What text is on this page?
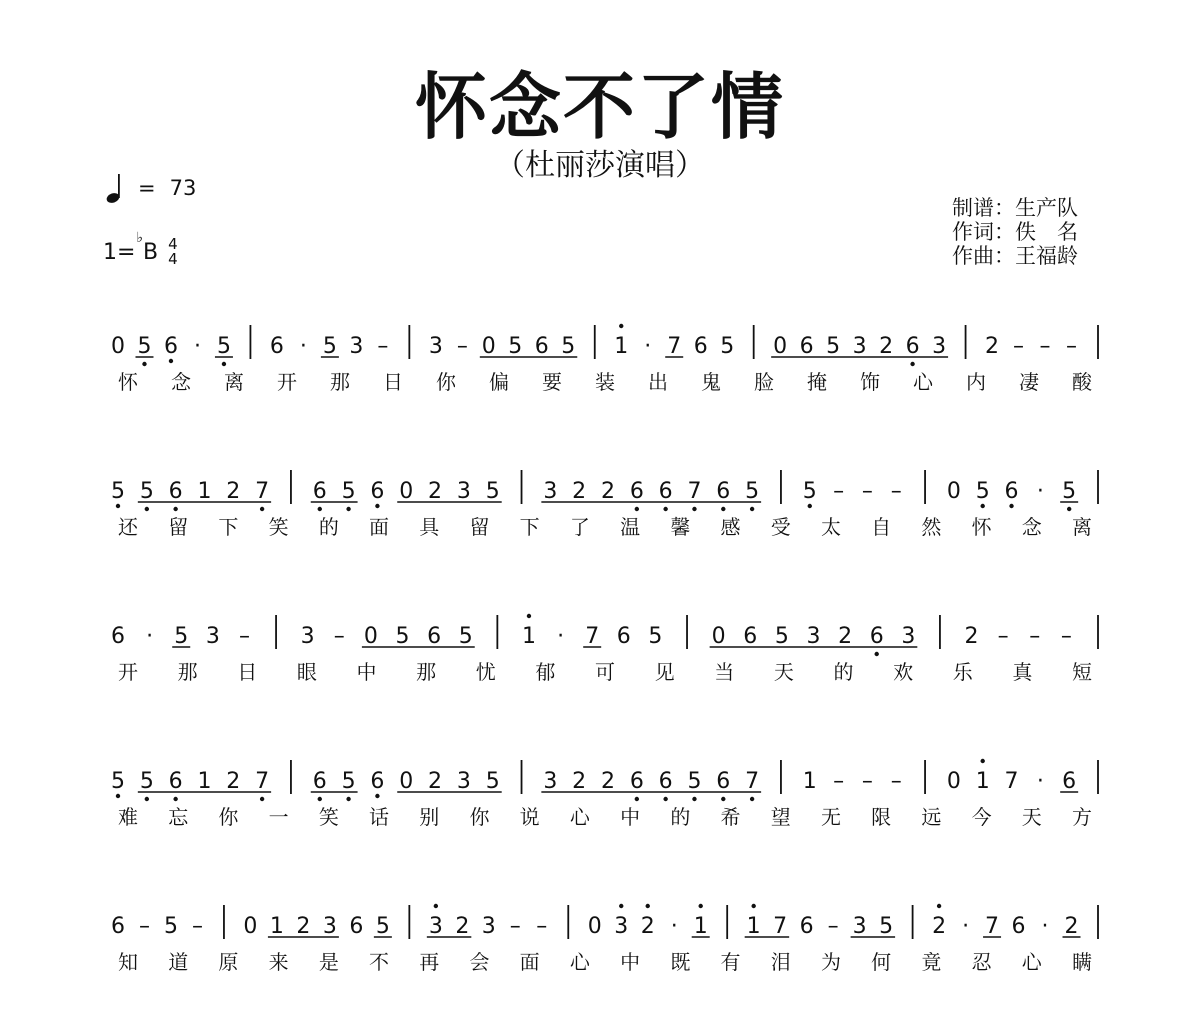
怀念不了情
（杜丽莎演唱）
= 73
1=
♭
B 4
4
制谱：生产队
作词：佚　名
作曲：王福龄
0 5 6 · 5 6 · 5 3 – 3 – 0 5 6 5 1 · 7 6 5 0 6 5 3 2 6 3 2 – – –
怀 念 离 开 那 日 你 偏 要 装 出 鬼 脸 掩 饰 心 内 凄 酸
5 5 6 1 2 7 6 5 6 0 2 3 5 3 2 2 6 6 7 6 5 5 – – – 0 5 6 · 5
还 留 下 笑 的 面 具 留 下 了 温 馨 感 受 太 自 然 怀 念 离
6 · 5 3 – 3 – 0 5 6 5 1 · 7 6 5 0 6 5 3 2 6 3 2 – – –
开 那 日 眼 中 那 忧 郁 可 见 当 天 的 欢 乐 真 短
5 5 6 1 2 7 6 5 6 0 2 3 5 3 2 2 6 6 5 6 7 1 – – – 0 1 7 · 6
难 忘 你 一 笑 话 别 你 说 心 中 的 希 望 无 限 远 今 天 方
6 – 5 – 0 1 2 3 6 5 3 2 3 – – 0 3 2 · 1 1 7 6 – 3 5 2 · 7 6 · 2
知 道 原 来 是 不 再 会 面 心 中 既 有 泪 为 何 竟 忍 心 瞒
